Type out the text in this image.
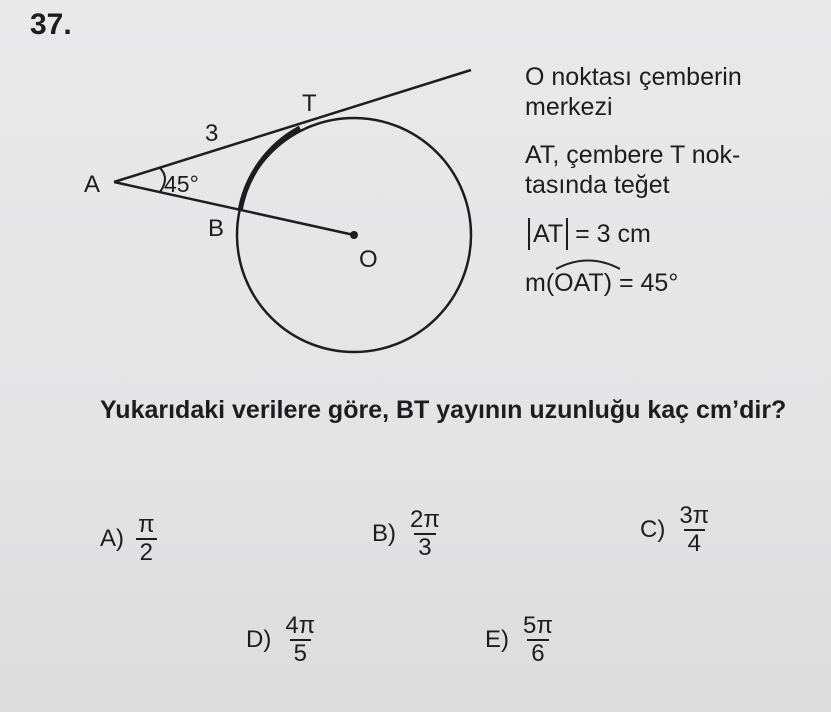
37.
A
T
B
O
3
45°

O noktası çemberin merkezi

AT, çembere T nok-tasında teğet

AT = 3 cm
m( OAT ) = 45°
Yukarıdaki verilere göre, BT yayının uzunluğu kaç cm’dir?
$A) \frac{\pi}{2}$	$B) \frac{2\pi}{3}$	$C) \frac{3\pi}{4}$
$D) \frac{4\pi}{5}$	$E) \frac{5\pi}{6}$
